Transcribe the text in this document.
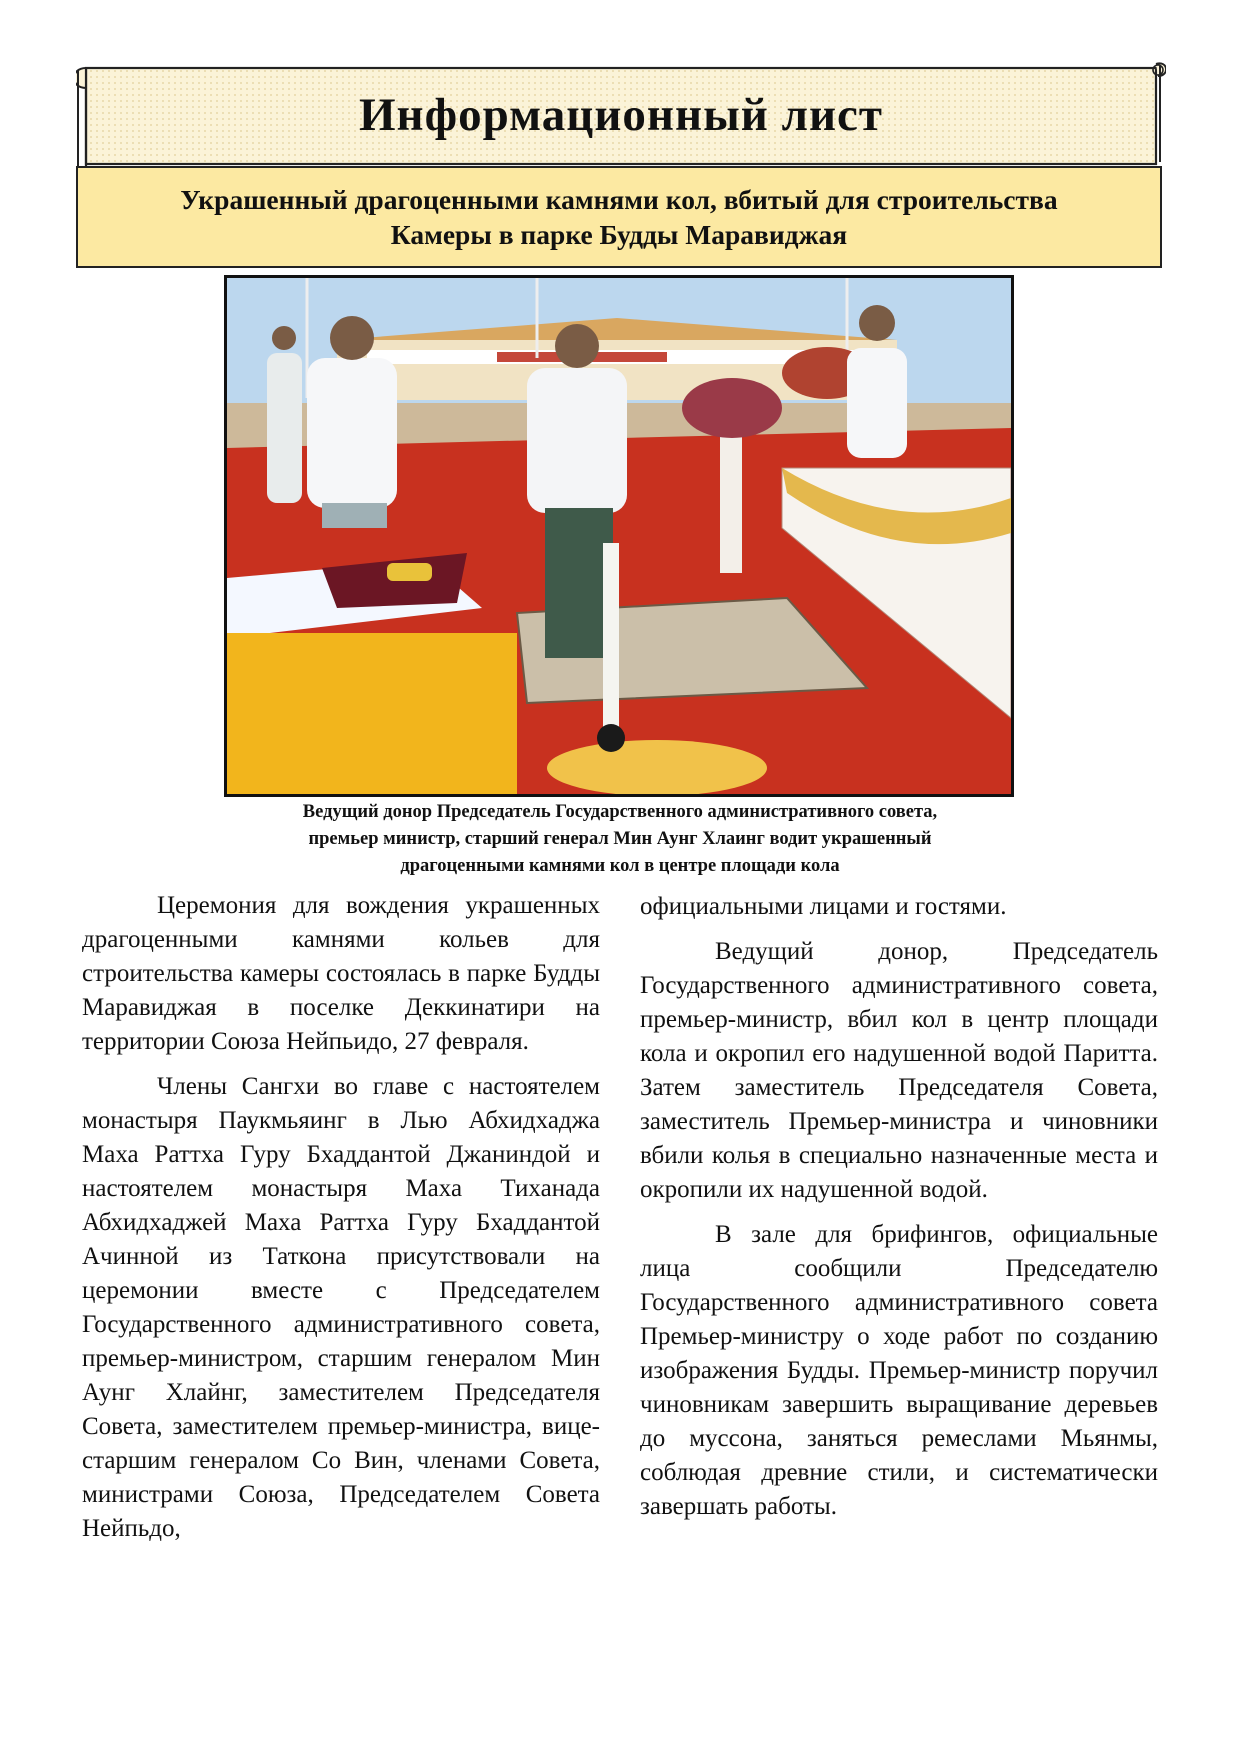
Информационный лист
Украшенный драгоценными камнями кол, вбитый для строительства
Камеры в парке Будды Маравиджая
Ведущий донор Председатель Государственного административного совета,
премьер министр, старший генерал Мин Аунг Хлаинг водит украшенный
драгоценными камнями кол в центре площади кола

Церемония для вождения украшенных драгоценными камнями кольев для строительства камеры состоялась в парке Будды Маравиджая в поселке Деккинатири на территории Союза Нейпьидо, 27 февраля.

Члены Сангхи во главе с настоятелем монастыря Паукмьяинг в Лью Абхидхаджа Маха Раттха Гуру Бхаддантой Джаниндой и настоятелем монастыря Маха Тиханада Абхидхаджей Маха Раттха Гуру Бхаддантой Ачинной из Таткона присутствовали на церемонии вместе с Председателем Государственного административного совета, премьер-министром, старшим генералом Мин Аунг Хлайнг, заместителем Председателя Совета, заместителем премьер-министра, вице-старшим генералом Со Вин, членами Совета, министрами Союза, Председателем Совета Нейпьдо,

официальными лицами и гостями.

Ведущий донор, Председатель Государственного административного совета, премьер-министр, вбил кол в центр площади кола и окропил его надушенной водой Паритта. Затем заместитель Председателя Совета, заместитель Премьер-министра и чиновники вбили колья в специально назначенные места и окропили их надушенной водой.

В зале для брифингов, официальные лица сообщили Председателю Государственного административного совета Премьер-министру о ходе работ по созданию изображения Будды. Премьер-министр поручил чиновникам завершить выращивание деревьев до муссона, заняться ремеслами Мьянмы, соблюдая древние стили, и систематически завершать работы.
